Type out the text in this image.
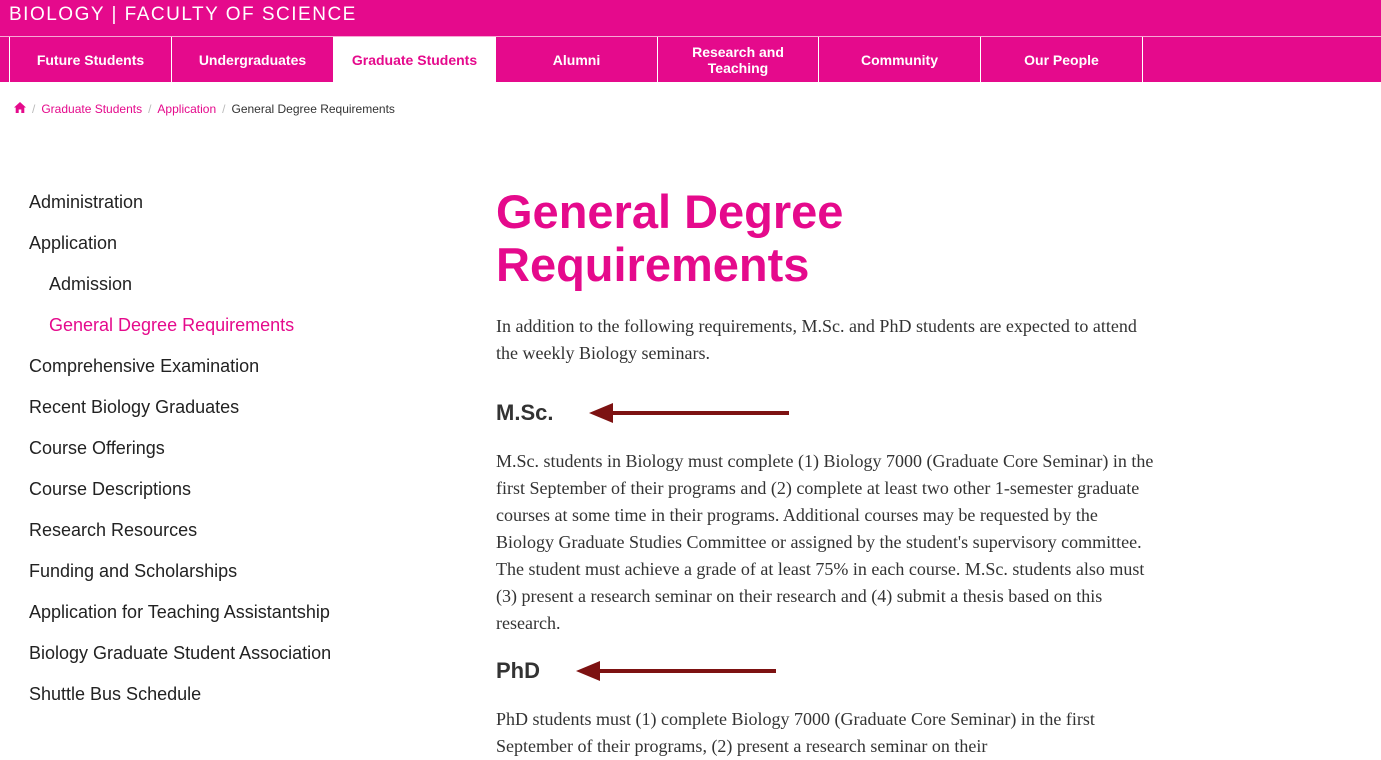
BIOLOGY | FACULTY OF SCIENCE
Future Students	Undergraduates	Graduate Students	Alumni	Research and Teaching	Community	Our People
/ Graduate Students / Application / General Degree Requirements
Administration
Application
Admission
General Degree Requirements
Comprehensive Examination
Recent Biology Graduates
Course Offerings
Course Descriptions
Research Resources
Funding and Scholarships
Application for Teaching Assistantship
Biology Graduate Student Association
Shuttle Bus Schedule
General Degree Requirements

In addition to the following requirements, M.Sc. and PhD students are expected to attend the weekly Biology seminars.

M.Sc.

M.Sc. students in Biology must complete (1) Biology 7000 (Graduate Core Seminar) in the first September of their programs and (2) complete at least two other 1-semester graduate courses at some time in their programs. Additional courses may be requested by the Biology Graduate Studies Committee or assigned by the student's supervisory committee. The student must achieve a grade of at least 75% in each course. M.Sc. students also must (3) present a research seminar on their research and (4) submit a thesis based on this research.

PhD

PhD students must (1) complete Biology 7000 (Graduate Core Seminar) in the first September of their programs, (2) present a research seminar on their
